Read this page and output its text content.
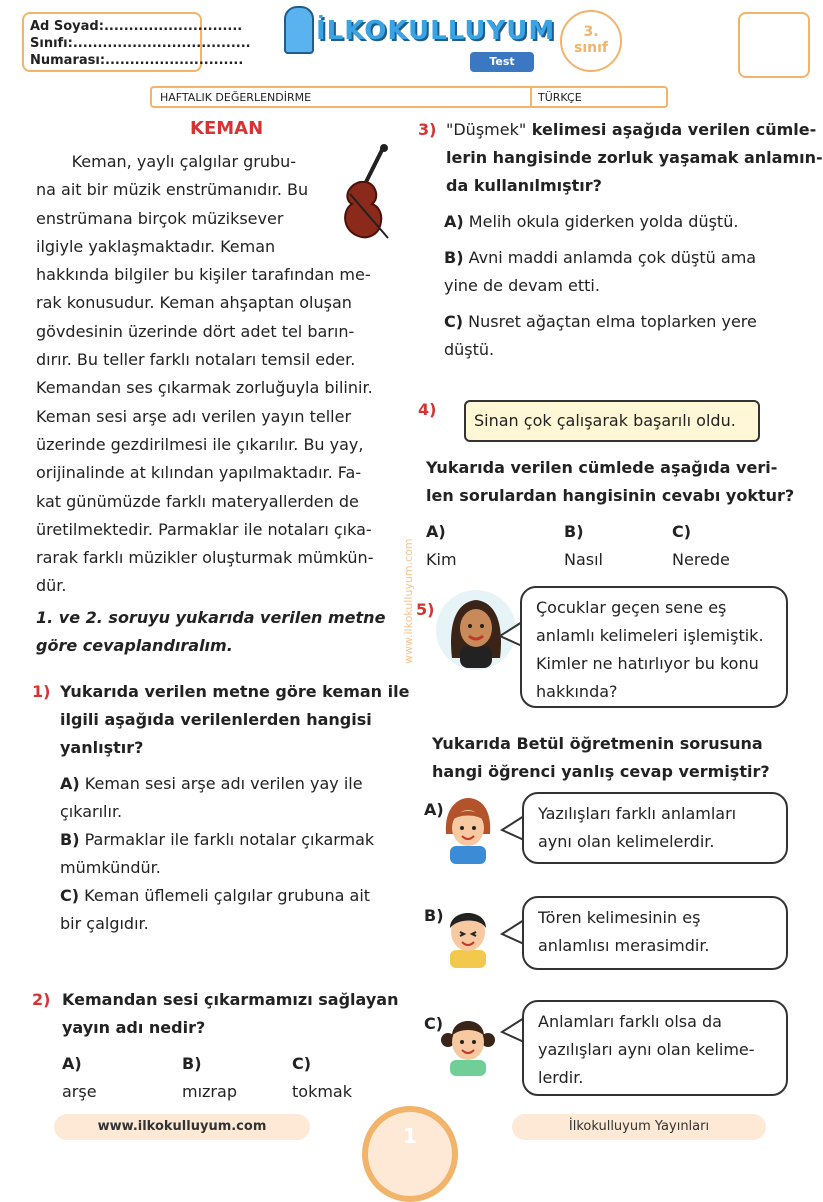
Ad Soyad:............................
Sınıfı:....................................
Numarası:............................
İLKOKULLUYUM
Test
3.
sınıf
HAFTALIK DEĞERLENDİRME	TÜRKÇE
KEMAN
Keman, yaylı çalgılar grubu-
na ait bir müzik enstrümanıdır. Bu
enstrümana birçok müziksever
ilgiyle yaklaşmaktadır. Keman
hakkında bilgiler bu kişiler tarafından me-
rak konusudur. Keman ahşaptan oluşan
gövdesinin üzerinde dört adet tel barın-
dırır. Bu teller farklı notaları temsil eder.
Kemandan ses çıkarmak zorluğuyla bilinir.
Keman sesi arşe adı verilen yayın teller
üzerinde gezdirilmesi ile çıkarılır. Bu yay,
orijinalinde at kılından yapılmaktadır. Fa-
kat günümüzde farklı materyallerden de
üretilmektedir. Parmaklar ile notaları çıka-
rarak farklı müzikler oluşturmak mümkün-
dür.
1. ve 2. soruyu yukarıda verilen metne
göre cevaplandıralım.
1) Yukarıda verilen metne göre keman ile
ilgili aşağıda verilenlerden hangisi
yanlıştır?
A) Keman sesi arşe adı verilen yay ile
çıkarılır.
B) Parmaklar ile farklı notalar çıkarmak
mümkündür.
C) Keman üflemeli çalgılar grubuna ait
bir çalgıdır.
2) Kemandan sesi çıkarmamızı sağlayan
yayın adı nedir?
A)
arşe
B)
mızrap
C)
tokmak
www.ilkokulluyum.com
3) "Düşmek" kelimesi aşağıda verilen cümle-
lerin hangisinde zorluk yaşamak anlamın-
da kullanılmıştır?
A) Melih okula giderken yolda düştü.
B) Avni maddi anlamda çok düştü ama
yine de devam etti.
C) Nusret ağaçtan elma toplarken yere
düştü.
4)
Sinan çok çalışarak başarılı oldu.
Yukarıda verilen cümlede aşağıda veri-
len sorulardan hangisinin cevabı yoktur?
A)
Kim
B)
Nasıl
C)
Nerede
5)	Çocuklar geçen sene eş
anlamlı kelimeleri işlemiştik.
Kimler ne hatırlıyor bu konu
hakkında?
Yukarıda Betül öğretmenin sorusuna
hangi öğrenci yanlış cevap vermiştir?
A)	Yazılışları farklı anlamları
aynı olan kelimelerdir.
B)	Tören kelimesinin eş
anlamlısı merasimdir.
C)	Anlamları farklı olsa da
yazılışları aynı olan kelime-
lerdir.
1
www.ilkokulluyum.com	İlkokulluyum Yayınları
